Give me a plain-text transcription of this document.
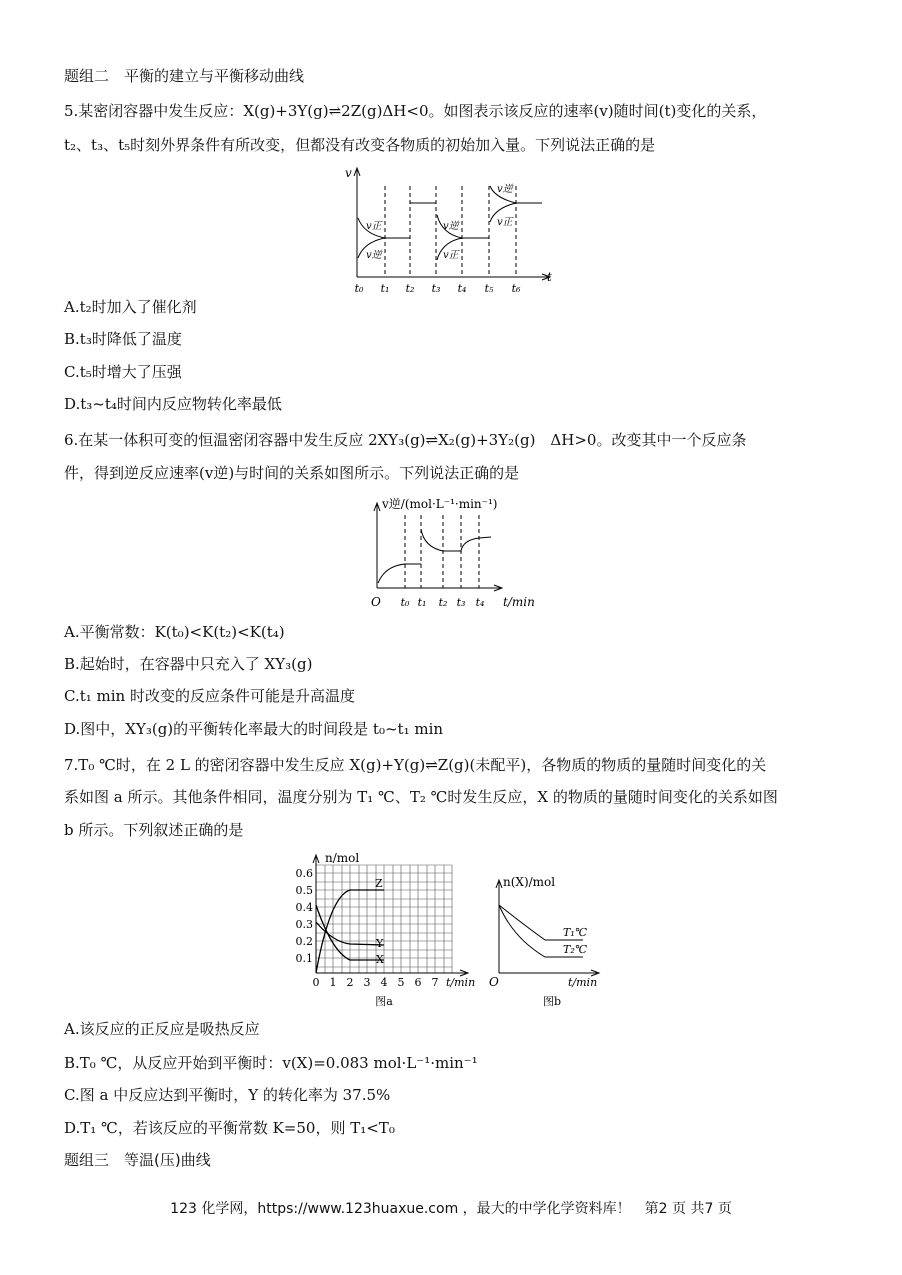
题组二　平衡的建立与平衡移动曲线
5.某密闭容器中发生反应：X(g)+3Y(g)⇌2Z(g)ΔH<0。如图表示该反应的速率(v)随时间(t)变化的关系，
t₂、t₃、t₅时刻外界条件有所改变，但都没有改变各物质的初始加入量。下列说法正确的是
v
t
t₀ t₁ t₂ t₃ t₄ t₅ t₆
v正
v逆
v逆
v正
v逆
v正
A.t₂时加入了催化剂
B.t₃时降低了温度
C.t₅时增大了压强
D.t₃~t₄时间内反应物转化率最低
6.在某一体积可变的恒温密闭容器中发生反应 2XY₃(g)⇌X₂(g)+3Y₂(g)　ΔH>0。改变其中一个反应条
件，得到逆反应速率(v逆)与时间的关系如图所示。下列说法正确的是
v逆/(mol·L⁻¹·min⁻¹)
O	t/min
t₀ t₁ t₂ t₃ t₄
A.平衡常数：K(t₀)<K(t₂)<K(t₄)
B.起始时，在容器中只充入了 XY₃(g)
C.t₁ min 时改变的反应条件可能是升高温度
D.图中，XY₃(g)的平衡转化率最大的时间段是 t₀~t₁ min
7.T₀ ℃时，在 2 L 的密闭容器中发生反应 X(g)+Y(g)⇌Z(g)(未配平)，各物质的物质的量随时间变化的关
系如图 a 所示。其他条件相同，温度分别为 T₁ ℃、T₂ ℃时发生反应，X 的物质的量随时间变化的关系如图
b 所示。下列叙述正确的是
n/mol
0.6
0.5
0.4
0.3
0.2
0.1
0 1 2 3 4 5 6 7 t/min
Z
Y
X
图a
n(X)/mol
O	t/min
T₁℃
T₂℃
图b
A.该反应的正反应是吸热反应
B.T₀ ℃，从反应开始到平衡时：v(X)=0.083 mol·L⁻¹·min⁻¹
C.图 a 中反应达到平衡时，Y 的转化率为 37.5%
D.T₁ ℃，若该反应的平衡常数 K=50，则 T₁<T₀
题组三　等温(压)曲线
123 化学网，https://www.123huaxue.com ，最大的中学化学资料库！　第2 页 共7 页
